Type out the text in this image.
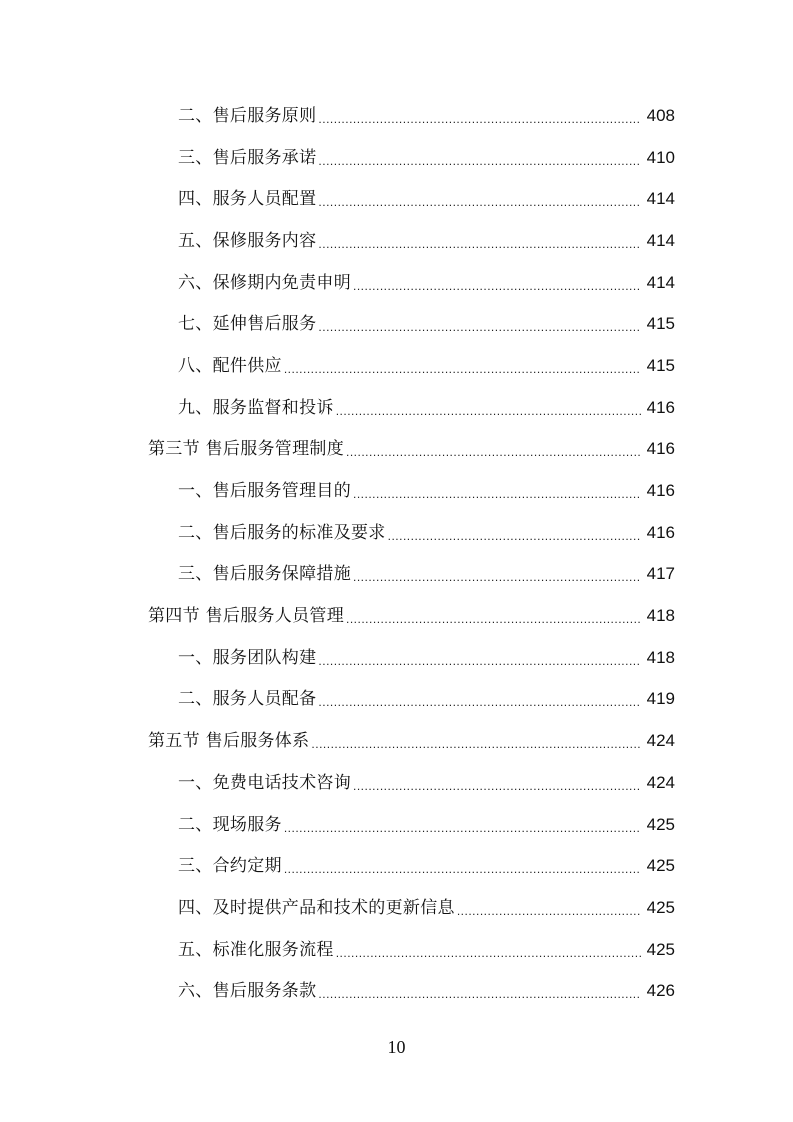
二、售后服务原则 .....	408
三、售后服务承诺 .....	410
四、服务人员配置 .....	414
五、保修服务内容 .....	414
六、保修期内免责申明 .....	414
七、延伸售后服务 .....	415
八、配件供应 .....	415
九、服务监督和投诉 .....	416
第三节 售后服务管理制度 .....	416
一、售后服务管理目的 .....	416
二、售后服务的标准及要求 .....	416
三、售后服务保障措施 .....	417
第四节 售后服务人员管理 .....	418
一、服务团队构建 .....	418
二、服务人员配备 .....	419
第五节 售后服务体系 .....	424
一、免费电话技术咨询 .....	424
二、现场服务 .....	425
三、合约定期 .....	425
四、及时提供产品和技术的更新信息 .....	425
五、标准化服务流程 .....	425
六、售后服务条款 .....	426
10
